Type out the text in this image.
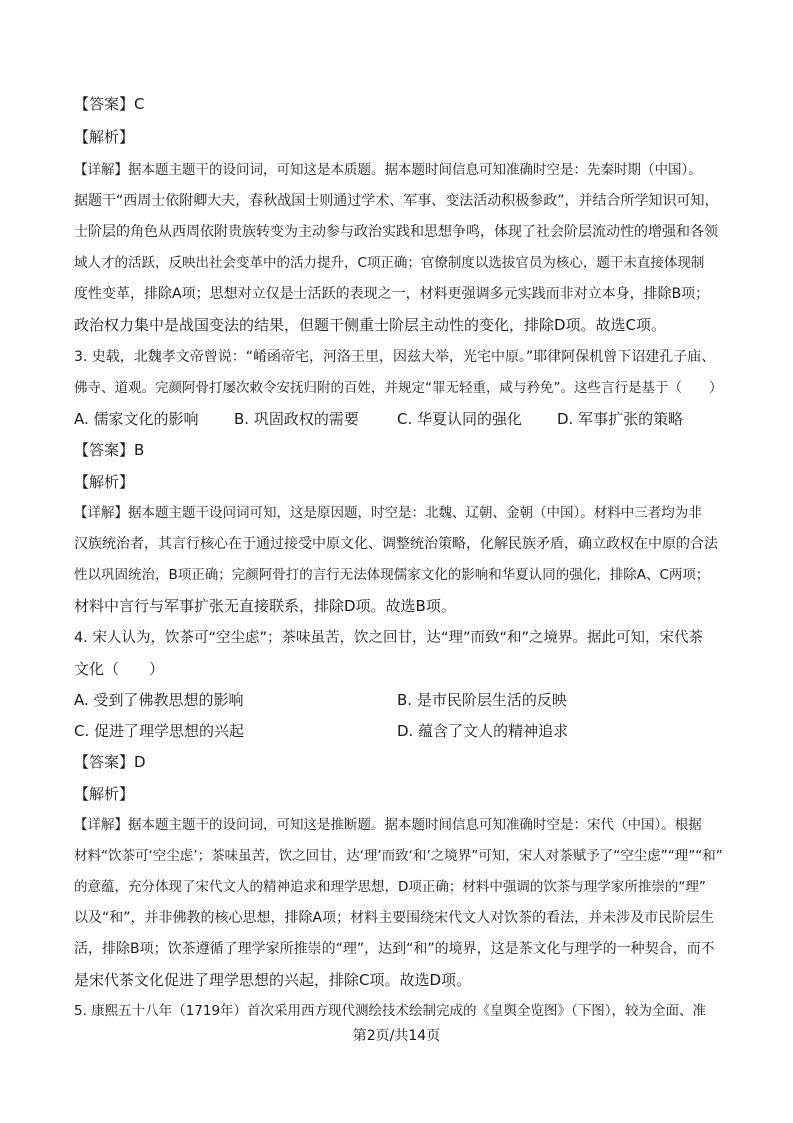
【答案】C
【解析】
【详解】据本题主题干的设问词，可知这是本质题。据本题时间信息可知准确时空是：先秦时期（中国）。
据题干“西周士依附卿大夫，春秋战国士则通过学术、军事、变法活动积极参政”，并结合所学知识可知，
士阶层的角色从西周依附贵族转变为主动参与政治实践和思想争鸣，体现了社会阶层流动性的增强和各领
域人才的活跃，反映出社会变革中的活力提升，C项正确；官僚制度以选拔官员为核心，题干未直接体现制
度性变革，排除A项；思想对立仅是士活跃的表现之一，材料更强调多元实践而非对立本身，排除B项；
政治权力集中是战国变法的结果，但题干侧重士阶层主动性的变化，排除D项。故选C项。
3. 史载，北魏孝文帝曾说：“崤函帝宅，河洛王里，因兹大举，光宅中原。”耶律阿保机曾下诏建孔子庙、
佛寺、道观。完颜阿骨打屡次敕令安抚归附的百姓，并规定“罪无轻重，咸与矜免”。这些言行是基于（　　）
A. 儒家文化的影响 B. 巩固政权的需要	C. 华夏认同的强化 D. 军事扩张的策略
【答案】B
【解析】
【详解】据本题主题干设问词可知，这是原因题，时空是：北魏、辽朝、金朝（中国）。材料中三者均为非
汉族统治者，其言行核心在于通过接受中原文化、调整统治策略，化解民族矛盾，确立政权在中原的合法
性以巩固统治，B项正确；完颜阿骨打的言行无法体现儒家文化的影响和华夏认同的强化，排除A、C两项；
材料中言行与军事扩张无直接联系，排除D项。故选B项。
4. 宋人认为，饮茶可“空尘虑”；茶味虽苦，饮之回甘，达“理”而致“和”之境界。据此可知，宋代茶
文化（　　）
A. 受到了佛教思想的影响	B. 是市民阶层生活的反映
C. 促进了理学思想的兴起	D. 蕴含了文人的精神追求
【答案】D
【解析】
【详解】据本题主题干的设问词，可知这是推断题。据本题时间信息可知准确时空是：宋代（中国）。根据
材料“饮茶可‘空尘虑’；茶味虽苦，饮之回甘，达‘理’而致‘和’之境界”可知，宋人对茶赋予了“空尘虑”“理”“和”
的意蕴，充分体现了宋代文人的精神追求和理学思想，D项正确；材料中强调的饮茶与理学家所推崇的“理”
以及“和”，并非佛教的核心思想，排除A项；材料主要围绕宋代文人对饮茶的看法，并未涉及市民阶层生
活，排除B项；饮茶遵循了理学家所推崇的“理”，达到“和”的境界，这是茶文化与理学的一种契合，而不
是宋代茶文化促进了理学思想的兴起，排除C项。故选D项。
5. 康熙五十八年（1719年）首次采用西方现代测绘技术绘制完成的《皇舆全览图》（下图），较为全面、准
第2页/共14页
